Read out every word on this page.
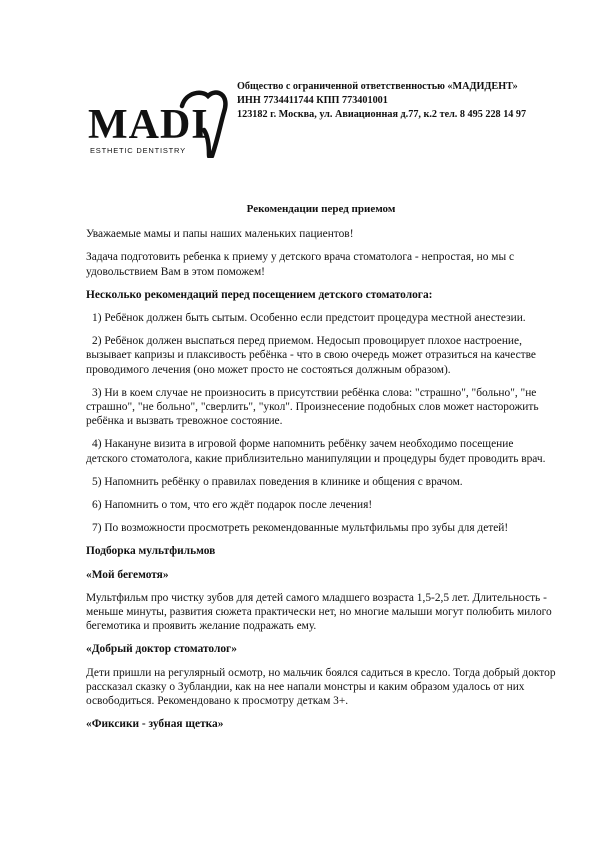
MADI
ESTHETIC DENTISTRY
Общество с ограниченной ответственностью «МАДИДЕНТ»
ИНН 7734411744 КПП 773401001
123182 г. Москва, ул. Авиационная д.77, к.2 тел. 8 495 228 14 97

Рекомендации перед приемом

Уважаемые мамы и папы наших маленьких пациентов!

Задача подготовить ребенка к приему у детского врача стоматолога - непростая, но мы с удовольствием Вам в этом поможем!

Несколько рекомендаций перед посещением детского стоматолога:

1) Ребёнок должен быть сытым. Особенно если предстоит процедура местной анестезии.

2) Ребёнок должен выспаться перед приемом. Недосып провоцирует плохое настроение, вызывает капризы и плаксивость ребёнка - что в свою очередь может отразиться на качестве проводимого лечения (оно может просто не состояться должным образом).

3) Ни в коем случае не произносить в присутствии ребёнка слова: "страшно", "больно", "не страшно", "не больно", "сверлить", "укол". Произнесение подобных слов может насторожить ребёнка и вызвать тревожное состояние.

4) Накануне визита в игровой форме напомнить ребёнку зачем необходимо посещение детского стоматолога, какие приблизительно манипуляции и процедуры будет проводить врач.

5) Напомнить ребёнку о правилах поведения в клинике и общения с врачом.

6) Напомнить о том, что его ждёт подарок после лечения!

7) По возможности просмотреть рекомендованные мультфильмы про зубы для детей!

Подборка мультфильмов

«Мой бегемотя»

Мультфильм про чистку зубов для детей самого младшего возраста 1,5-2,5 лет. Длительность - меньше минуты, развития сюжета практически нет, но многие малыши могут полюбить милого бегемотика и проявить желание подражать ему.

«Добрый доктор стоматолог»

Дети пришли на регулярный осмотр, но мальчик боялся садиться в кресло. Тогда добрый доктор рассказал сказку о Зубландии, как на нее напали монстры и каким образом удалось от них освободиться. Рекомендовано к просмотру деткам 3+.

«Фиксики - зубная щетка»
